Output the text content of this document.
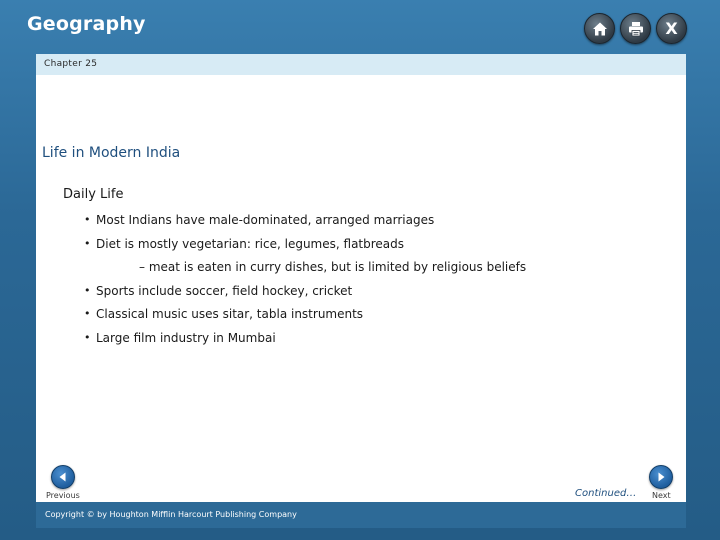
Geography	X
Chapter 25
Life in Modern India
Daily Life
• Most Indians have male-dominated, arranged marriages
• Diet is mostly vegetarian: rice, legumes, flatbreads
– meat is eaten in curry dishes, but is limited by religious beliefs
• Sports include soccer, field hockey, cricket
• Classical music uses sitar, tabla instruments
• Large film industry in Mumbai
Previous	Continued… Next
Copyright © by Houghton Mifflin Harcourt Publishing Company
